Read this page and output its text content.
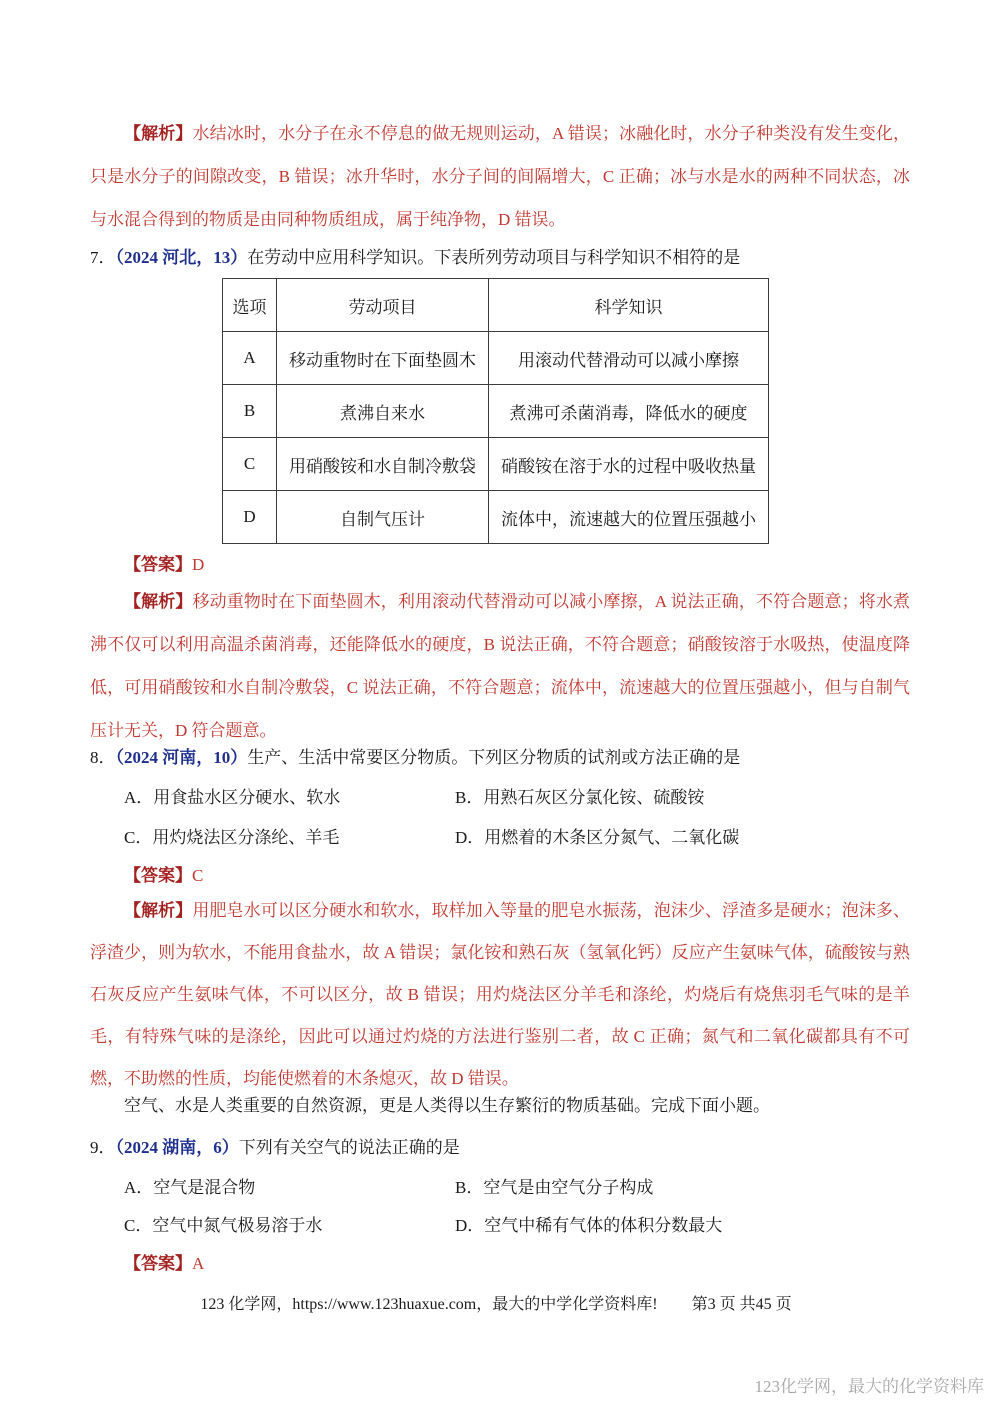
【解析】水结冰时，水分子在永不停息的做无规则运动，A 错误；冰融化时，水分子种类没有发生变化，只是水分子的间隙改变，B 错误；冰升华时，水分子间的间隔增大，C 正确；冰与水是水的两种不同状态，冰与水混合得到的物质是由同种物质组成，属于纯净物，D 错误。

7．（2024 河北，13）在劳动中应用科学知识。下表所列劳动项目与科学知识不相符的是

选项	劳动项目	科学知识
A	移动重物时在下面垫圆木	用滚动代替滑动可以减小摩擦
B	煮沸自来水	煮沸可杀菌消毒，降低水的硬度
C	用硝酸铵和水自制冷敷袋	硝酸铵在溶于水的过程中吸收热量
D	自制气压计	流体中，流速越大的位置压强越小

【答案】D

【解析】移动重物时在下面垫圆木，利用滚动代替滑动可以减小摩擦，A 说法正确，不符合题意；将水煮沸不仅可以利用高温杀菌消毒，还能降低水的硬度，B 说法正确，不符合题意；硝酸铵溶于水吸热，使温度降低，可用硝酸铵和水自制冷敷袋，C 说法正确，不符合题意；流体中，流速越大的位置压强越小，但与自制气压计无关，D 符合题意。

8．（2024 河南，10）生产、生活中常要区分物质。下列区分物质的试剂或方法正确的是

A．用食盐水区分硬水、软水	B．用熟石灰区分氯化铵、硫酸铵
C．用灼烧法区分涤纶、羊毛	D．用燃着的木条区分氮气、二氧化碳

【答案】C

【解析】用肥皂水可以区分硬水和软水，取样加入等量的肥皂水振荡，泡沫少、浮渣多是硬水；泡沫多、浮渣少，则为软水，不能用食盐水，故 A 错误；氯化铵和熟石灰（氢氧化钙）反应产生氨味气体，硫酸铵与熟石灰反应产生氨味气体，不可以区分，故 B 错误；用灼烧法区分羊毛和涤纶，灼烧后有烧焦羽毛气味的是羊毛，有特殊气味的是涤纶，因此可以通过灼烧的方法进行鉴别二者，故 C 正确；氮气和二氧化碳都具有不可燃，不助燃的性质，均能使燃着的木条熄灭，故 D 错误。

空气、水是人类重要的自然资源，更是人类得以生存繁衍的物质基础。完成下面小题。

9．（2024 湖南，6）下列有关空气的说法正确的是

A．空气是混合物	B．空气是由空气分子构成
C．空气中氮气极易溶于水	D．空气中稀有气体的体积分数最大

【答案】A

123 化学网，https://www.123huaxue.com，最大的中学化学资料库! 第3 页 共45 页
123化学网，最大的化学资料库
